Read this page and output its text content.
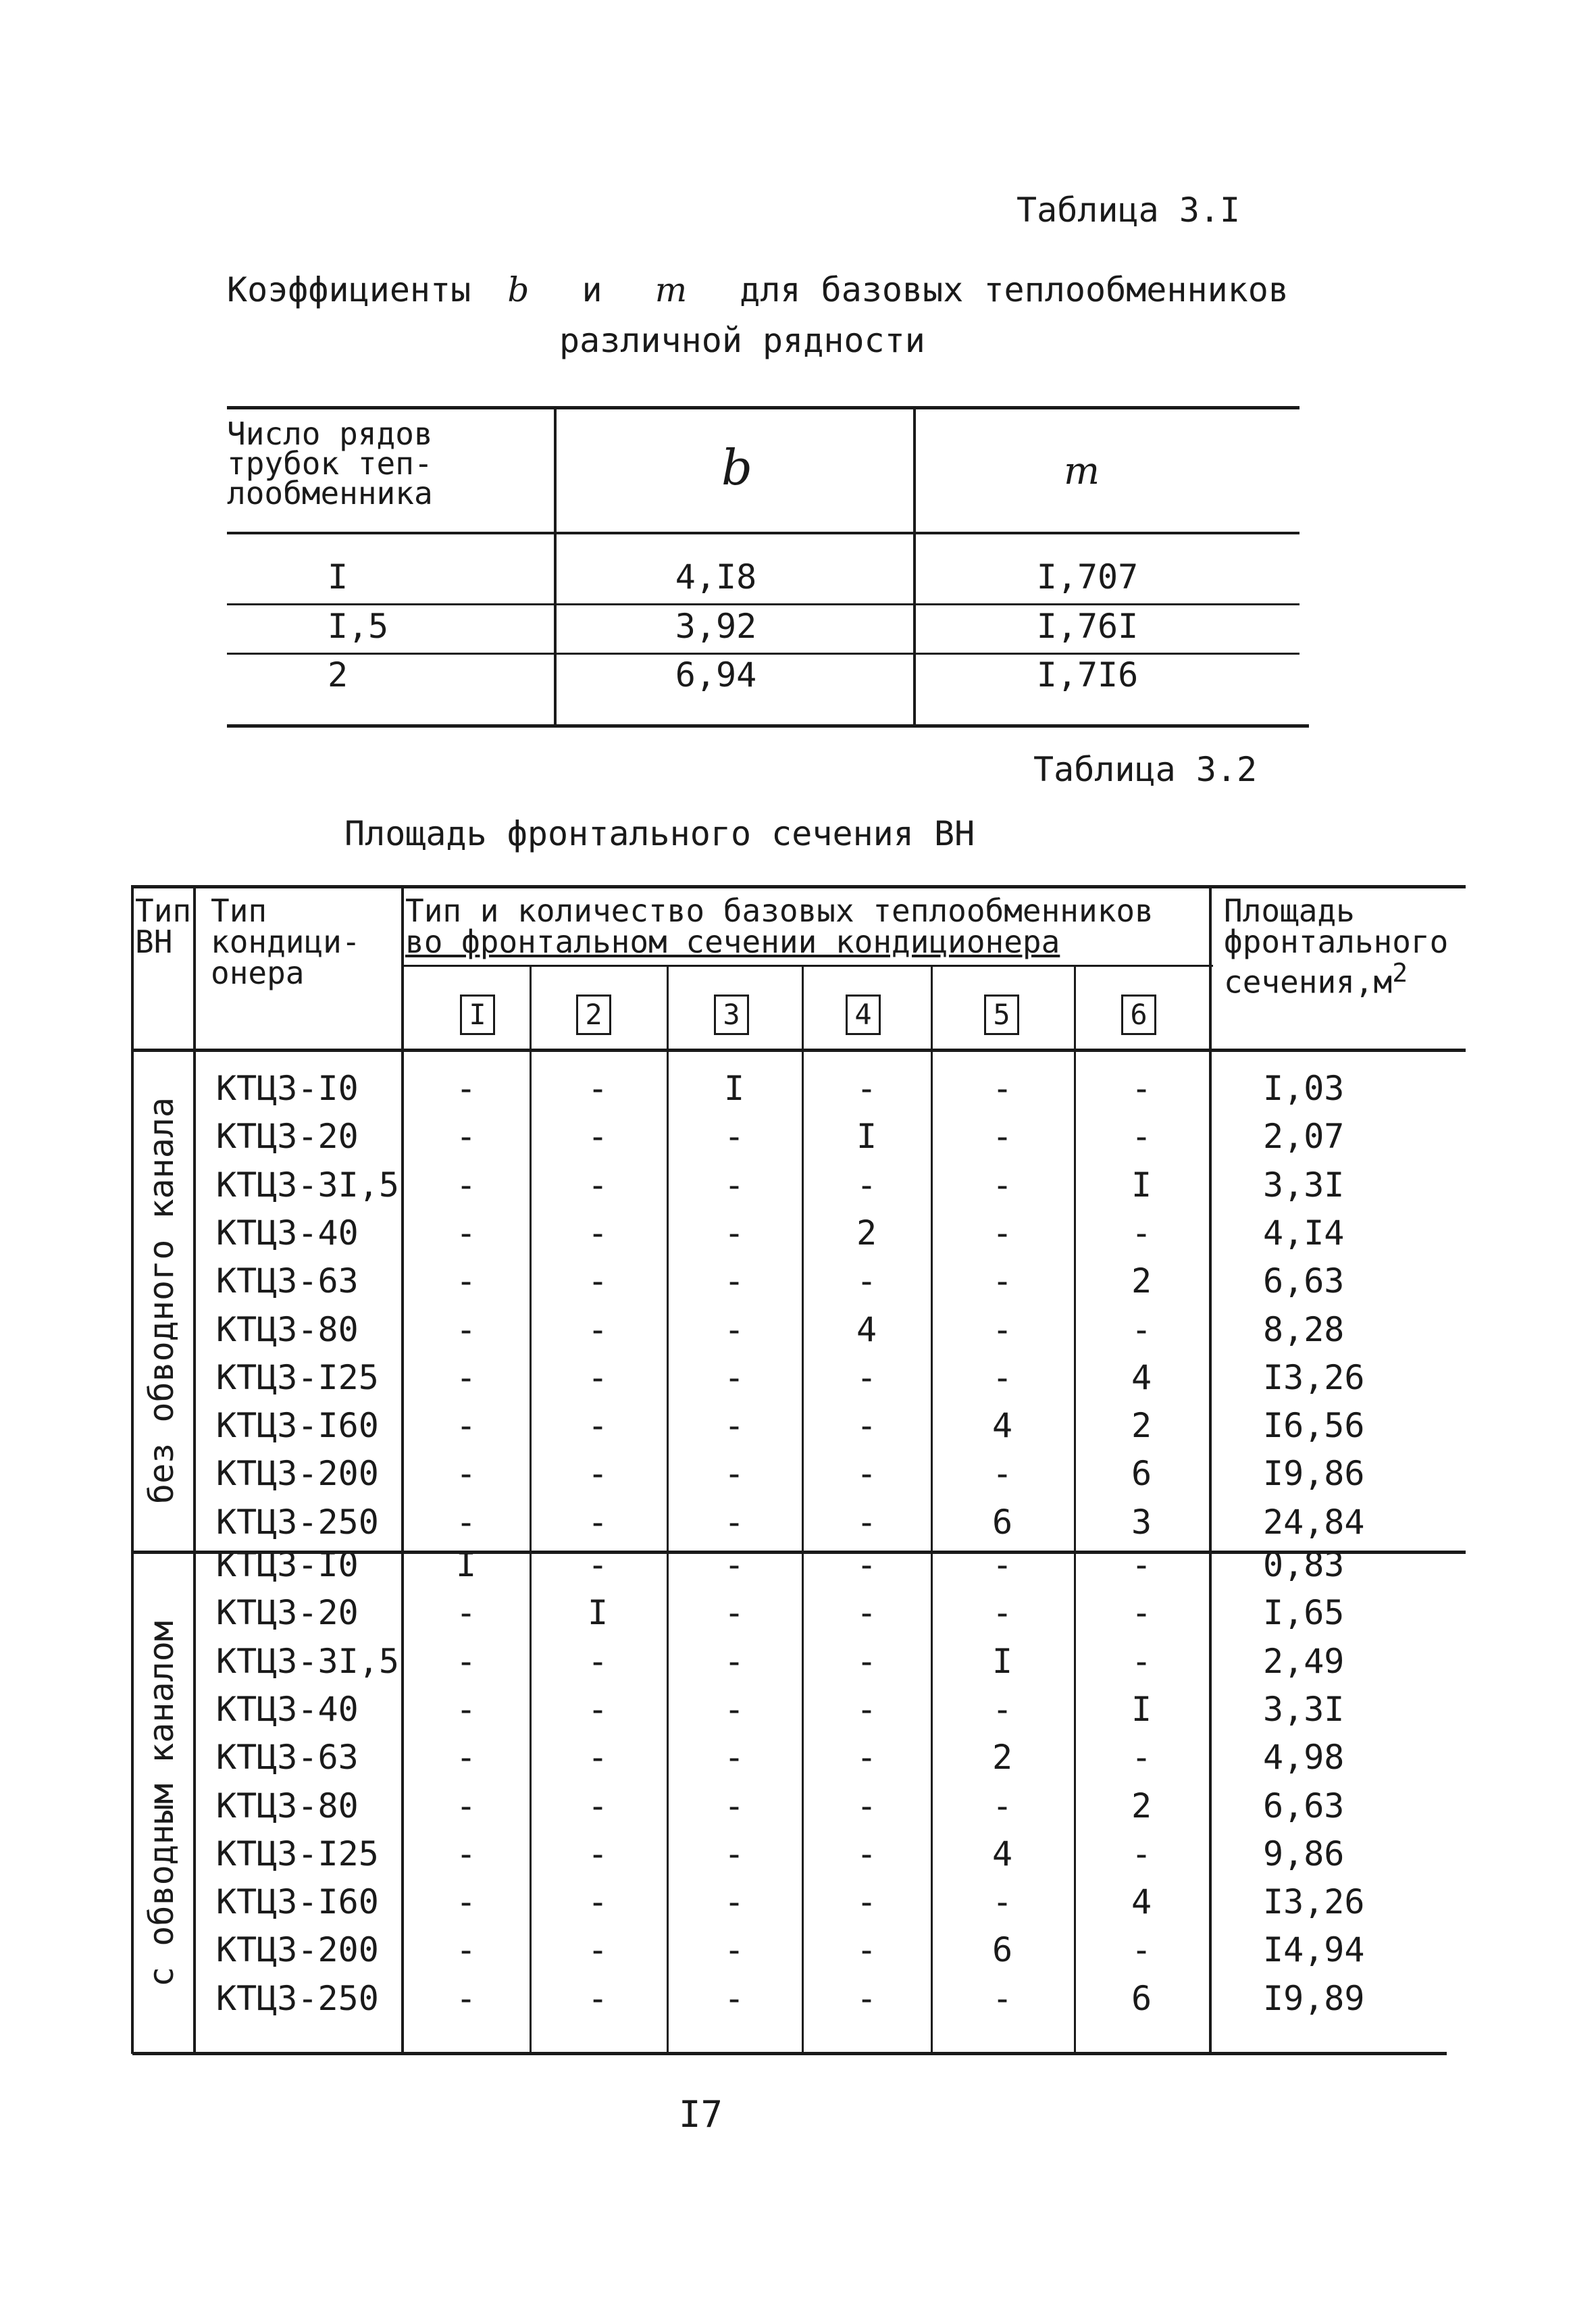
Таблица 3.I
Коэффициенты b и m для базовых теплообменников
различной рядности
Число рядов
трубок теп-
лообменника	b	m
I	4,I8	I,707
I,5	3,92	I,76I
2	6,94	I,7I6
Таблица 3.2
Площадь фронтального сечения ВН
Тип
ВН
Тип
кондици-
онера
Тип и количество базовых теплообменников
во фронтальном сечении кондиционера
Площадь
фронтального
$сечения,м^2$
I	2	3	4	5	6
без обводного канала
с обводным каналом
КТЦЗ-I0	-	-	I	-	-	-	I,03
КТЦЗ-20	-	-	-	I	-	-	2,07
КТЦЗ-3I,5	-	-	-	-	-	I	3,3I
КТЦЗ-40	-	-	-	2	-	-	4,I4
КТЦЗ-63	-	-	-	-	-	2	6,63
КТЦЗ-80	-	-	-	4	-	-	8,28
КТЦЗ-I25	-	-	-	-	-	4	I3,26
КТЦЗ-I60	-	-	-	-	4	2	I6,56
КТЦЗ-200	-	-	-	-	-	6	I9,86
КТЦЗ-250	-	-	-	-	6	3	24,84
КТЦЗ-I0	I	-	-	-	-	-	0,83
КТЦЗ-20	-	I	-	-	-	-	I,65
КТЦЗ-3I,5	-	-	-	-	I	-	2,49
КТЦЗ-40	-	-	-	-	-	I	3,3I
КТЦЗ-63	-	-	-	-	2	-	4,98
КТЦЗ-80	-	-	-	-	-	2	6,63
КТЦЗ-I25	-	-	-	-	4	-	9,86
КТЦЗ-I60	-	-	-	-	-	4	I3,26
КТЦЗ-200	-	-	-	-	6	-	I4,94
КТЦЗ-250	-	-	-	-	-	6	I9,89
I7
